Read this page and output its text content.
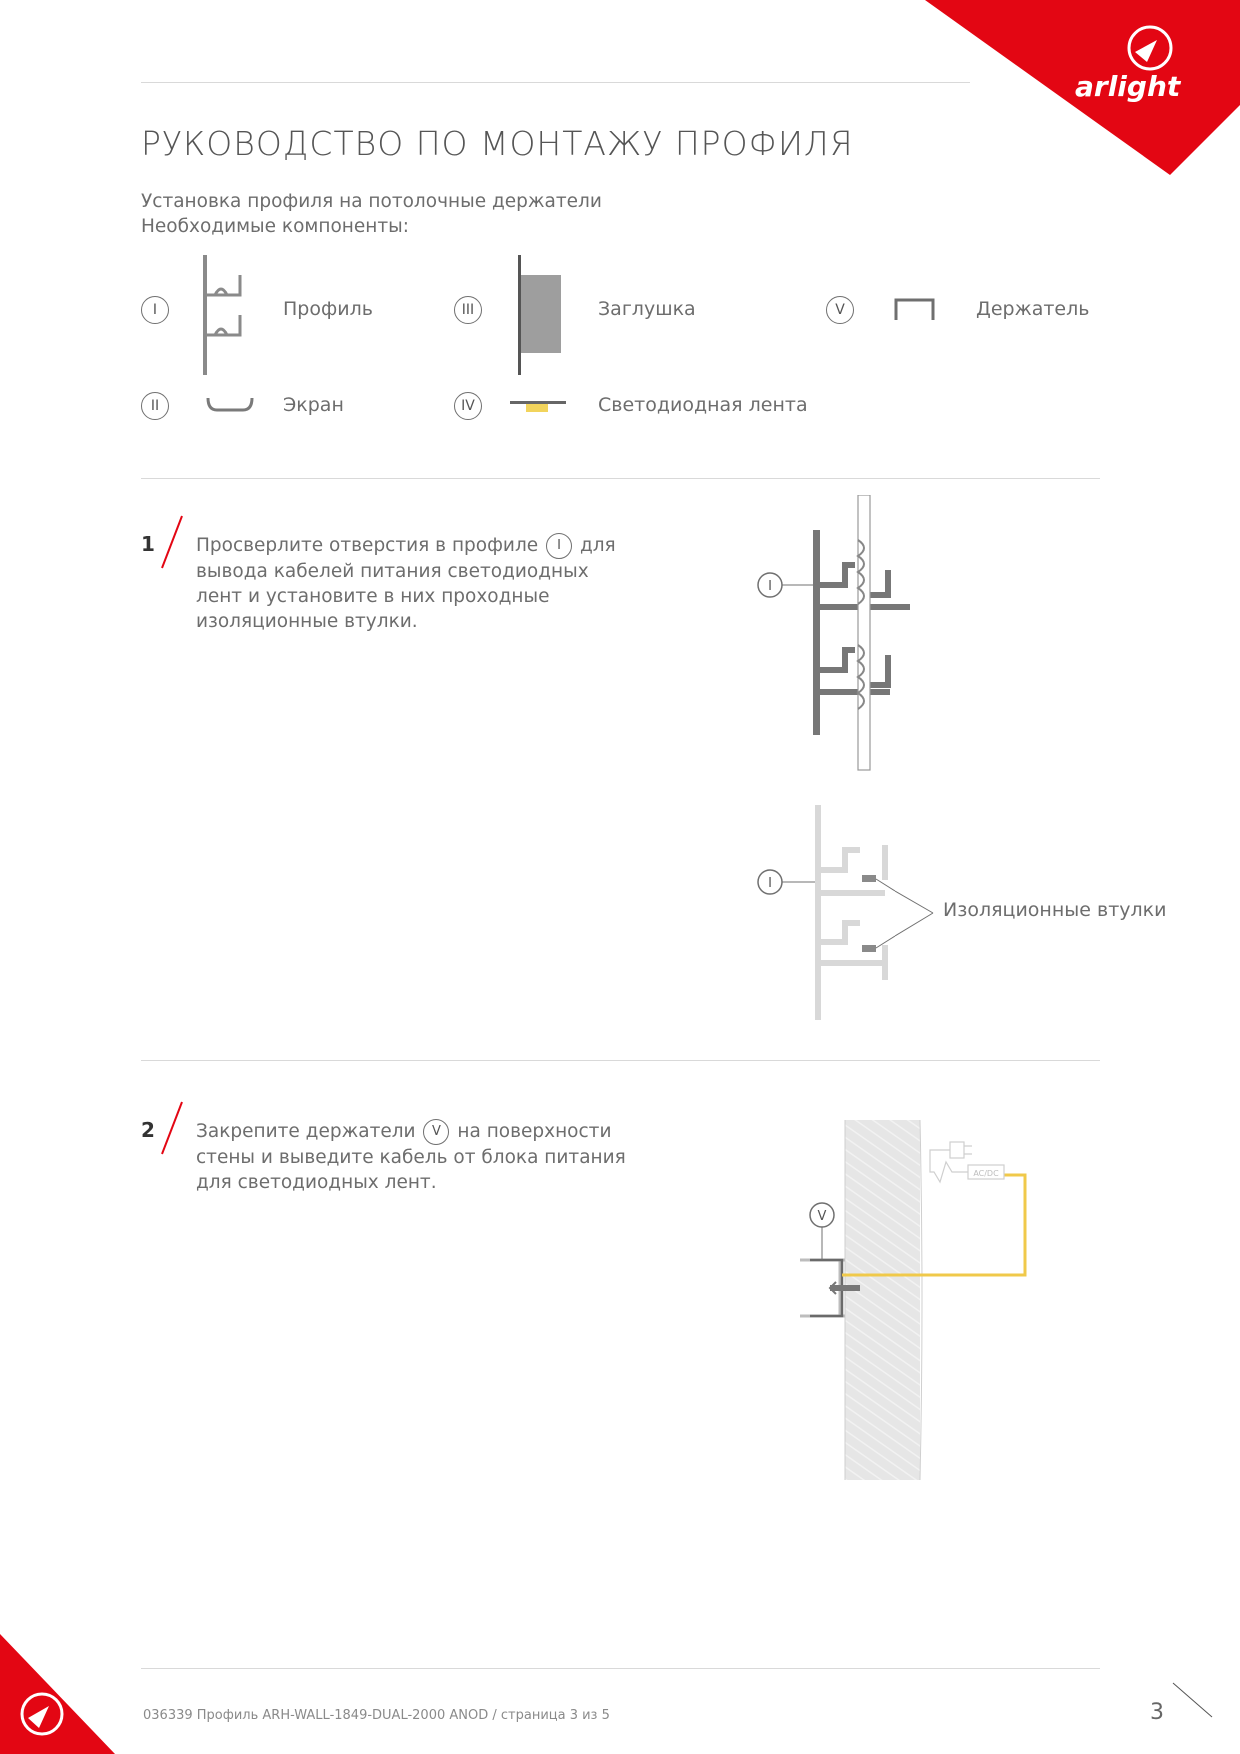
arlight
РУКОВОДСТВО ПО МОНТАЖУ ПРОФИЛЯ
Установка профиля на потолочные держатели
Необходимые компоненты:
I	Профиль	III	Заглушка	V	Держатель
II	Экран	IV	Светодиодная лента
1 Просверлите отверстия в профиле I для вывода кабелей питания светодиодных лент и установите в них проходные изоляционные втулки.
I
I
Изоляционные втулки
2 Закрепите держатели V на поверхности стены и выведите кабель от блока питания для светодиодных лент.
V
AC/DC
036339 Профиль ARH-WALL-1849-DUAL-2000 ANOD / страница 3 из 5	3
